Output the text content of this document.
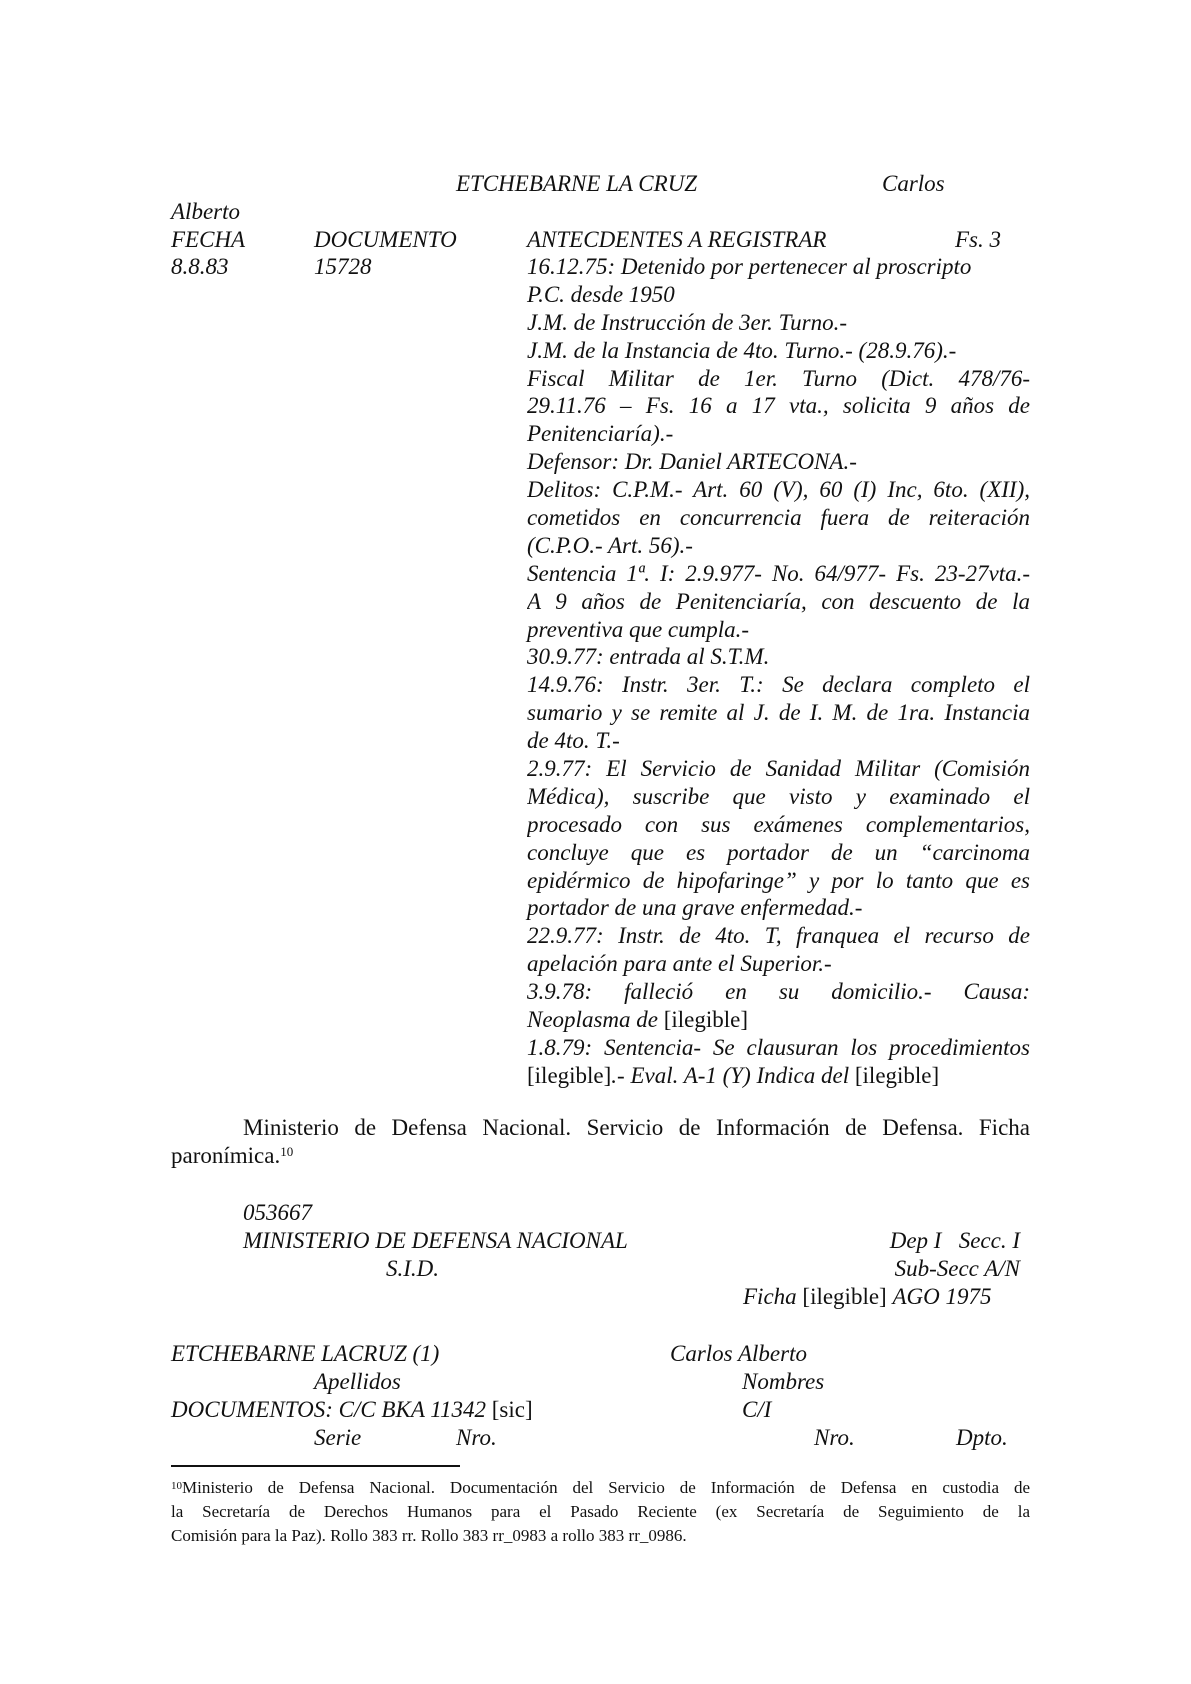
ETCHEBARNE LA CRUZ	Carlos
Alberto
FECHA	DOCUMENTO	ANTECDENTES A REGISTRAR	Fs. 3
8.8.83	15728	16.12.75: Detenido por pertenecer al proscripto
P.C. desde 1950
J.M. de Instrucción de 3er. Turno.-
J.M. de la Instancia de 4to. Turno.- (28.9.76).-
Fiscal Militar de 1er. Turno (Dict. 478/76-
29.11.76 – Fs. 16 a 17 vta., solicita 9 años de
Penitenciaría).-
Defensor: Dr. Daniel ARTECONA.-
Delitos: C.P.M.- Art. 60 (V), 60 (I) Inc, 6to. (XII),
cometidos en concurrencia fuera de reiteración
(C.P.O.- Art. 56).-
Sentencia 1ª. I: 2.9.977- No. 64/977- Fs. 23-27vta.-
A 9 años de Penitenciaría, con descuento de la
preventiva que cumpla.-
30.9.77: entrada al S.T.M.
14.9.76: Instr. 3er. T.: Se declara completo el
sumario y se remite al J. de I. M. de 1ra. Instancia
de 4to. T.-
2.9.77: El Servicio de Sanidad Militar (Comisión
Médica), suscribe que visto y examinado el
procesado con sus exámenes complementarios,
concluye que es portador de un “carcinoma
epidérmico de hipofaringe” y por lo tanto que es
portador de una grave enfermedad.-
22.9.77: Instr. de 4to. T, franquea el recurso de
apelación para ante el Superior.-
3.9.78: falleció en su domicilio.- Causa:
Neoplasma de [ilegible]
1.8.79: Sentencia- Se clausuran los procedimientos
[ilegible].- Eval. A-1 (Y) Indica del [ilegible]
Ministerio de Defensa Nacional. Servicio de Información de Defensa. Ficha
paronímica.$^{10}$
053667
MINISTERIO DE DEFENSA NACIONAL
S.I.D.
Dep I   Secc. I
Sub-Secc A/N
Ficha [ilegible] AGO 1975
ETCHEBARNE LACRUZ (1)	Carlos Alberto
Apellidos	Nombres
DOCUMENTOS: C/C BKA 11342 [sic]	C/I
Serie	Nro.	Nro.	Dpto.
$^{10}$Ministerio de Defensa Nacional. Documentación del Servicio de Información de Defensa en custodia de
la Secretaría de Derechos Humanos para el Pasado Reciente (ex Secretaría de Seguimiento de la
Comisión para la Paz). Rollo 383 rr. Rollo 383 rr_0983 a rollo 383 rr_0986.
